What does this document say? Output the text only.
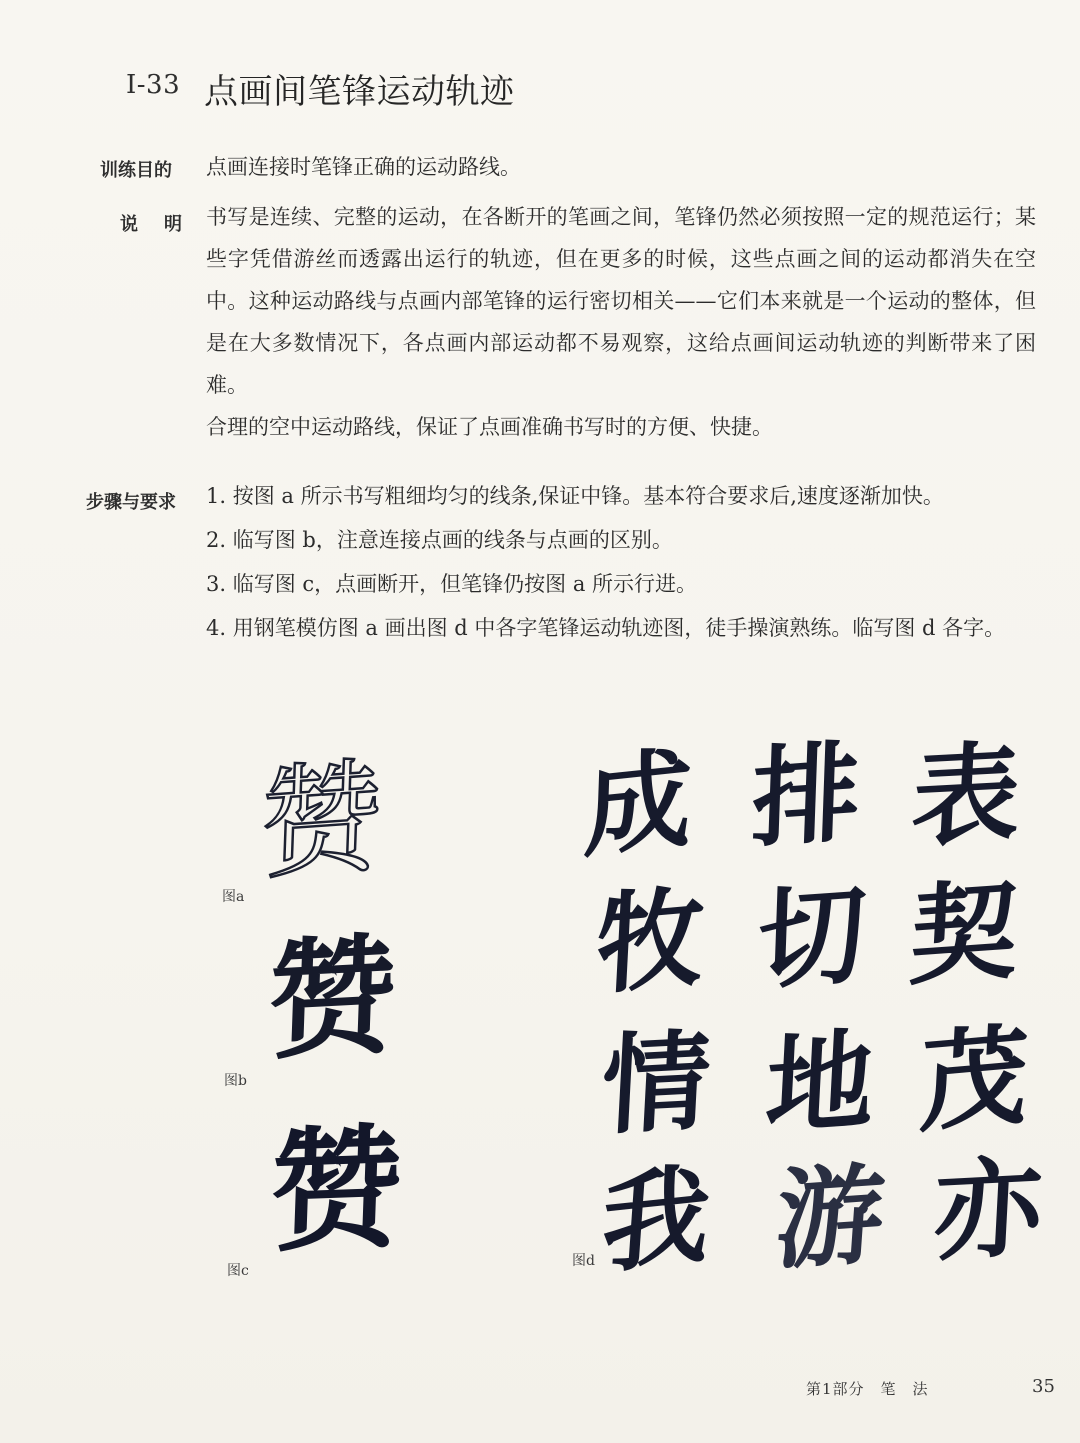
I-33 点画间笔锋运动轨迹
训练目的 点画连接时笔锋正确的运动路线。
说 明 书写是连续、完整的运动，在各断开的笔画之间，笔锋仍然必须按照一定的规范运行；某些字凭借游丝而透露出运行的轨迹，但在更多的时候，这些点画之间的运动都消失在空中。这种运动路线与点画内部笔锋的运行密切相关——它们本来就是一个运动的整体，但是在大多数情况下，各点画内部运动都不易观察，这给点画间运动轨迹的判断带来了困难。

合理的空中运动路线，保证了点画准确书写时的方便、快捷。

步骤与要求 1. 按图 a 所示书写粗细均匀的线条,保证中锋。基本符合要求后,速度逐渐加快。

2. 临写图 b，注意连接点画的线条与点画的区别。

3. 临写图 c，点画断开，但笔锋仍按图 a 所示行进。

4. 用钢笔模仿图 a 画出图 d 中各字笔锋运动轨迹图，徒手操演熟练。临写图 d 各字。

赞
图a
赞
图b
赞
图c
成 排 表
牧 切 契
情 地 茂
我 游 亦
图d
第1部分　笔　法	35
